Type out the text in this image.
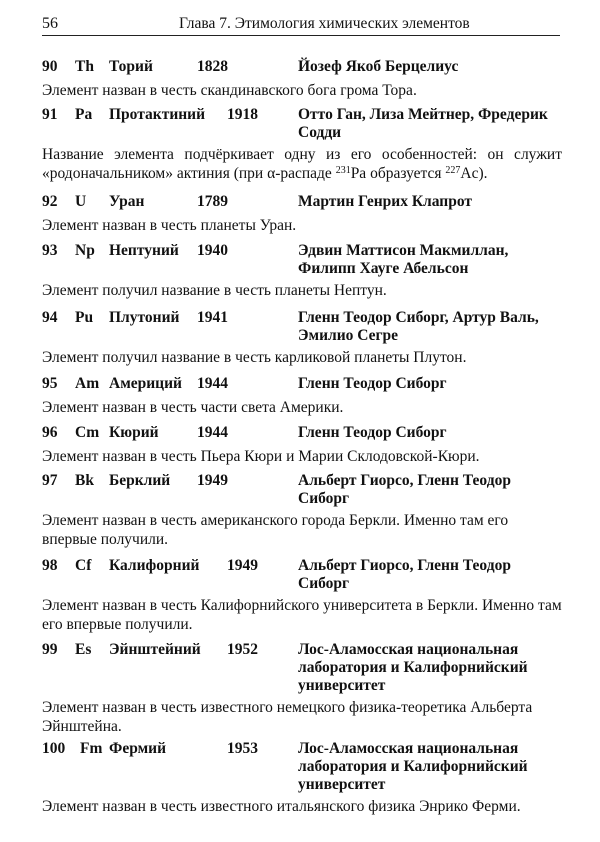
56	Глава 7. Этимология химических элементов
90 Th Торий	1828	Йозеф Якоб Берцелиус
Элемент назван в честь скандинавского бога грома Тора.
91 Pa Протактиний 1918	Отто Ган, Лиза Мейтнер, Фредерик Содди
Название элемента подчёркивает одну из его особенностей: он служит «родоначальником» актиния (при α-распаде $^{231}$Pa образуется $^{227}$Ac).
92 U Уран	1789	Мартин Генрих Клапрот
Элемент назван в честь планеты Уран.
93 Np Нептуний 1940	Эдвин Маттисон Макмиллан, Филипп Хауге Абельсон
Элемент получил название в честь планеты Нептун.
94 Pu Плутоний 1941	Гленн Теодор Сиборг, Артур Валь, Эмилио Сегре
Элемент получил название в честь карликовой планеты Плутон.
95 Am Америций 1944	Гленн Теодор Сиборг
Элемент назван в честь части света Америки.
96 Cm Кюрий 1944	Гленн Теодор Сиборг
Элемент назван в честь Пьера Кюри и Марии Склодовской-Кюри.
97 Bk Берклий 1949	Альберт Гиорсо, Гленн Теодор Сиборг
Элемент назван в честь американского города Беркли. Именно там его впервые получили.
98 Cf Калифорний 1949	Альберт Гиорсо, Гленн Теодор Сиборг
Элемент назван в честь Калифорнийского университета в Беркли. Именно там его впервые получили.
99 Es Эйнштейний 1952	Лос-Аламосская национальная лаборатория и Калифорнийский университет
Элемент назван в честь известного немецкого физика-теоретика Альберта Эйнштейна.
100 Fm Фермий	1953	Лос-Аламосская национальная лаборатория и Калифорнийский университет
Элемент назван в честь известного итальянского физика Энрико Ферми.
